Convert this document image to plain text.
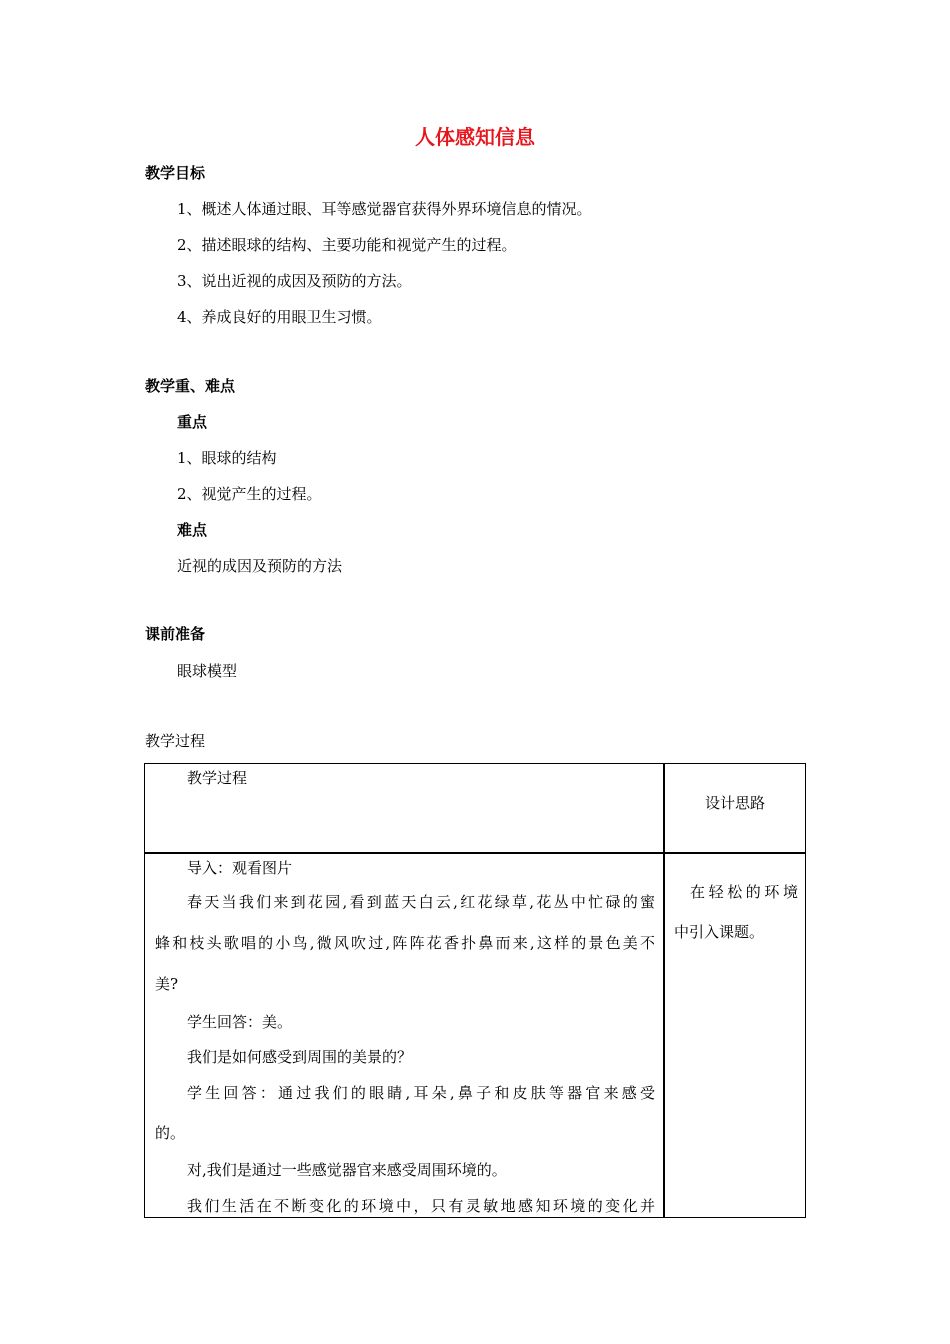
人体感知信息
教学目标
1、概述人体通过眼、耳等感觉器官获得外界环境信息的情况。
2、描述眼球的结构、主要功能和视觉产生的过程。
3、说出近视的成因及预防的方法。
4、养成良好的用眼卫生习惯。
教学重、难点
重点
1、眼球的结构
2、视觉产生的过程。
难点
近视的成因及预防的方法
课前准备
眼球模型
教学过程
教学过程
设计思路
导入：观看图片
春天当我们来到花园,看到蓝天白云,红花绿草,花丛中忙碌的蜜
蜂和枝头歌唱的小鸟,微风吹过,阵阵花香扑鼻而来,这样的景色美不
美?
学生回答：美。
我们是如何感受到周围的美景的？
学生回答：通过我们的眼睛,耳朵,鼻子和皮肤等器官来感受
的。
对,我们是通过一些感觉器官来感受周围环境的。
我们生活在不断变化的环境中，只有灵敏地感知环境的变化并
在轻松的环境
中引入课题。
